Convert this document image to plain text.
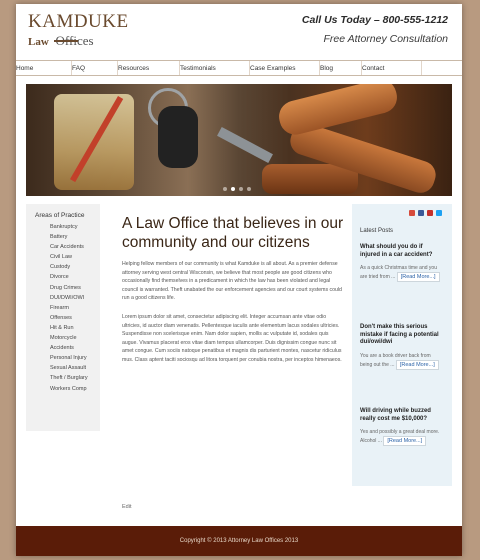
KAMDUKE
Law Offices
Call Us Today – 800-555-1212
Free Attorney Consultation
Home	FAQ	Resources	Testimonials	Case Examples	Blog	Contact
Areas of Practice
Bankruptcy
Battery
Car Accidents
Civil Law
Custody
Divorce
Drug Crimes
DUI/DWI/OWI
Firearm
Offenses
Hit & Run
Motorcycle
Accidents
Personal Injury
Sexual Assault
Theft / Burglary
Workers Comp
A Law Office that believes in our community and our citizens

Helping fellow members of our community is what Kamduke is all about. As a premier defense attorney serving west central Wisconsin, we believe that most people are good citizens who occasionally find themselves in a predicament in which the law has been violated and legal council is warranted. Theft unabated the our enforcement agencies and our court systems could run a good citizens life.

Lorem ipsum dolor sit amet, consectetur adipiscing elit. Integer accumsan ante vitae odio ultricies, id auctor diam venenatis. Pellentesque iaculis ante elementum lacus sodales ultricies. Suspendisse non scelerisque enim. Nam dolor sapien, mollis ac vulputate id, sodales quis augue. Vivamus placerat eros vitae diam tempus ullamcorper. Duis dignissim congue nunc sit amet congue. Cum sociis natoque penatibus et magnis dis parturient montes, nascetur ridiculus mus. Class aptent taciti sociosqu ad litora torquent per conubia nostra, per inceptos himenaeos.

Edit
Latest Posts
What should you do if injured in a car accident?

As a quick Christmas time and you are tried from ... [Read More...]

Don't make this serious mistake if facing a potential dui/owi/dwi

You are a book driver back from being out the ... [Read More...]

Will driving while buzzed really cost me $10,000?

Yes and possibly a great deal more. Alcohol ... [Read More...]

Copyright © 2013 Attorney Law Offices 2013
